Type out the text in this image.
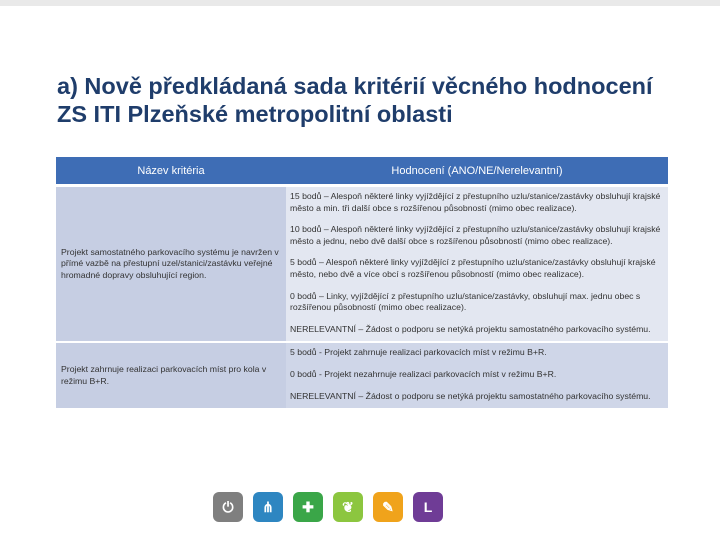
a) Nově předkládaná sada kritérií věcného hodnocení ZS ITI Plzeňské metropolitní oblasti
Název kritéria	Hodnocení (ANO/NE/Nerelevantní)
Projekt samostatného parkovacího systému je navržen v přímé vazbě na přestupní uzel/stanici/zastávku veřejné hromadné dopravy obsluhující region.	15 bodů – Alespoň některé linky vyjíždějící z přestupního uzlu/stanice/zastávky obsluhují krajské město a min. tři další obce s rozšířenou působností (mimo obec realizace).

10 bodů – Alespoň některé linky vyjíždějící z přestupního uzlu/stanice/zastávky obsluhují krajské město a jednu, nebo dvě další obce s rozšířenou působností (mimo obec realizace).

5 bodů – Alespoň některé linky vyjíždějící z přestupního uzlu/stanice/zastávky obsluhují krajské město, nebo dvě a více obcí s rozšířenou působností (mimo obec realizace).

0 bodů – Linky, vyjíždějící z přestupního uzlu/stanice/zastávky, obsluhují max. jednu obec s rozšířenou působností (mimo obec realizace).

NERELEVANTNÍ – Žádost o podporu se netýká projektu samostatného parkovacího systému.

Projekt zahrnuje realizaci parkovacích míst pro kola v režimu B+R.	5 bodů - Projekt zahrnuje realizaci parkovacích míst v režimu B+R.

0 bodů - Projekt nezahrnuje realizaci parkovacích míst v režimu B+R.

NERELEVANTNÍ – Žádost o podporu se netýká projektu samostatného parkovacího systému.

⏻	⋔	✚	❦	✎	L
